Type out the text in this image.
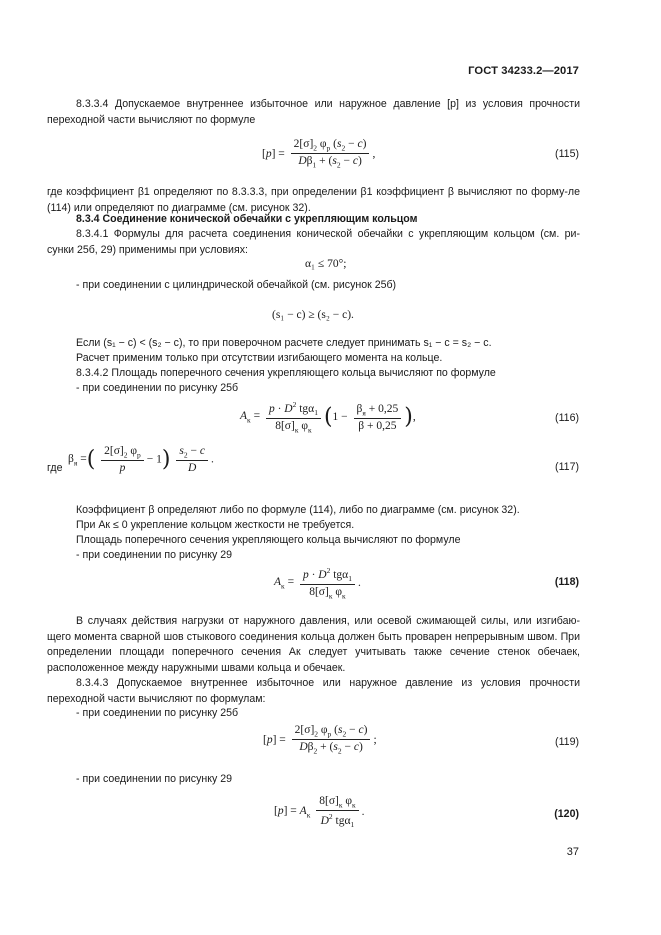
ГОСТ 34233.2—2017
8.3.3.4 Допускаемое внутреннее избыточное или наружное давление [p] из условия прочности переходной части вычисляют по формуле
$[p] = \frac{2[\sigma]_2 \varphi_р (s_2 - c)}{D\beta_1 + (s_2 - c)}$ ,	(115)
где коэффициент β1 определяют по 8.3.3.3, при определении β1 коэффициент β вычисляют по форму-ле (114) или определяют по диаграмме (см. рисунок 32).
8.3.4 Соединение конической обечайки с укрепляющим кольцом
8.3.4.1 Формулы для расчета соединения конической обечайки с укрепляющим кольцом (см. ри-сунки 25б, 29) применимы при условиях:
α₁ ≤ 70°;
- при соединении с цилиндрической обечайкой (см. рисунок 25б)
(s₁ − c) ≥ (s₂ − c).
Если (s₁ − c) < (s₂ − c), то при поверочном расчете следует принимать s₁ − c = s₂ − c.
Расчет применим только при отсутствии изгибающего момента на кольце.
8.3.4.2 Площадь поперечного сечения укрепляющего кольца вычисляют по формуле
- при соединении по рисунку 25б
$A_к = \frac{p \cdot D^2 tg\alpha_1}{8[\sigma]_к \varphi_к} (1 - \frac{\beta_я + 0,25}{\beta + 0,25}$ ),	(116)
где
$\beta_я$ =( $\frac{2[\sigma]_2 \varphi_р}{p} - 1) \frac{s_2 - c}{D}$ .
(117)
Коэффициент β определяют либо по формуле (114), либо по диаграмме (см. рисунок 32).
При Aк ≤ 0 укрепление кольцом жесткости не требуется.
Площадь поперечного сечения укрепляющего кольца вычисляют по формуле
- при соединении по рисунку 29
$A_к = \frac{p \cdot D^2 tg\alpha_1}{8[\sigma]_к \varphi_к}$ .	(118)
В случаях действия нагрузки от наружного давления, или осевой сжимающей силы, или изгибаю-щего момента сварной шов стыкового соединения кольца должен быть проварен непрерывным швом. При определении площади поперечного сечения Aк следует учитывать также сечение стенок обечаек, расположенное между наружными швами кольца и обечаек.
8.3.4.3 Допускаемое внутреннее избыточное или наружное давление из условия прочности переходной части вычисляют по формулам:
- при соединении по рисунку 25б
$[p] = \frac{2[\sigma]_2 \varphi_р (s_2 - c)}{D\beta_2 + (s_2 - c)}$ ;	(119)
- при соединении по рисунку 29
$[p] = A_к \frac{8[\sigma]_к \varphi_к}{D^2 tg\alpha_1}$ .	(120)
37
